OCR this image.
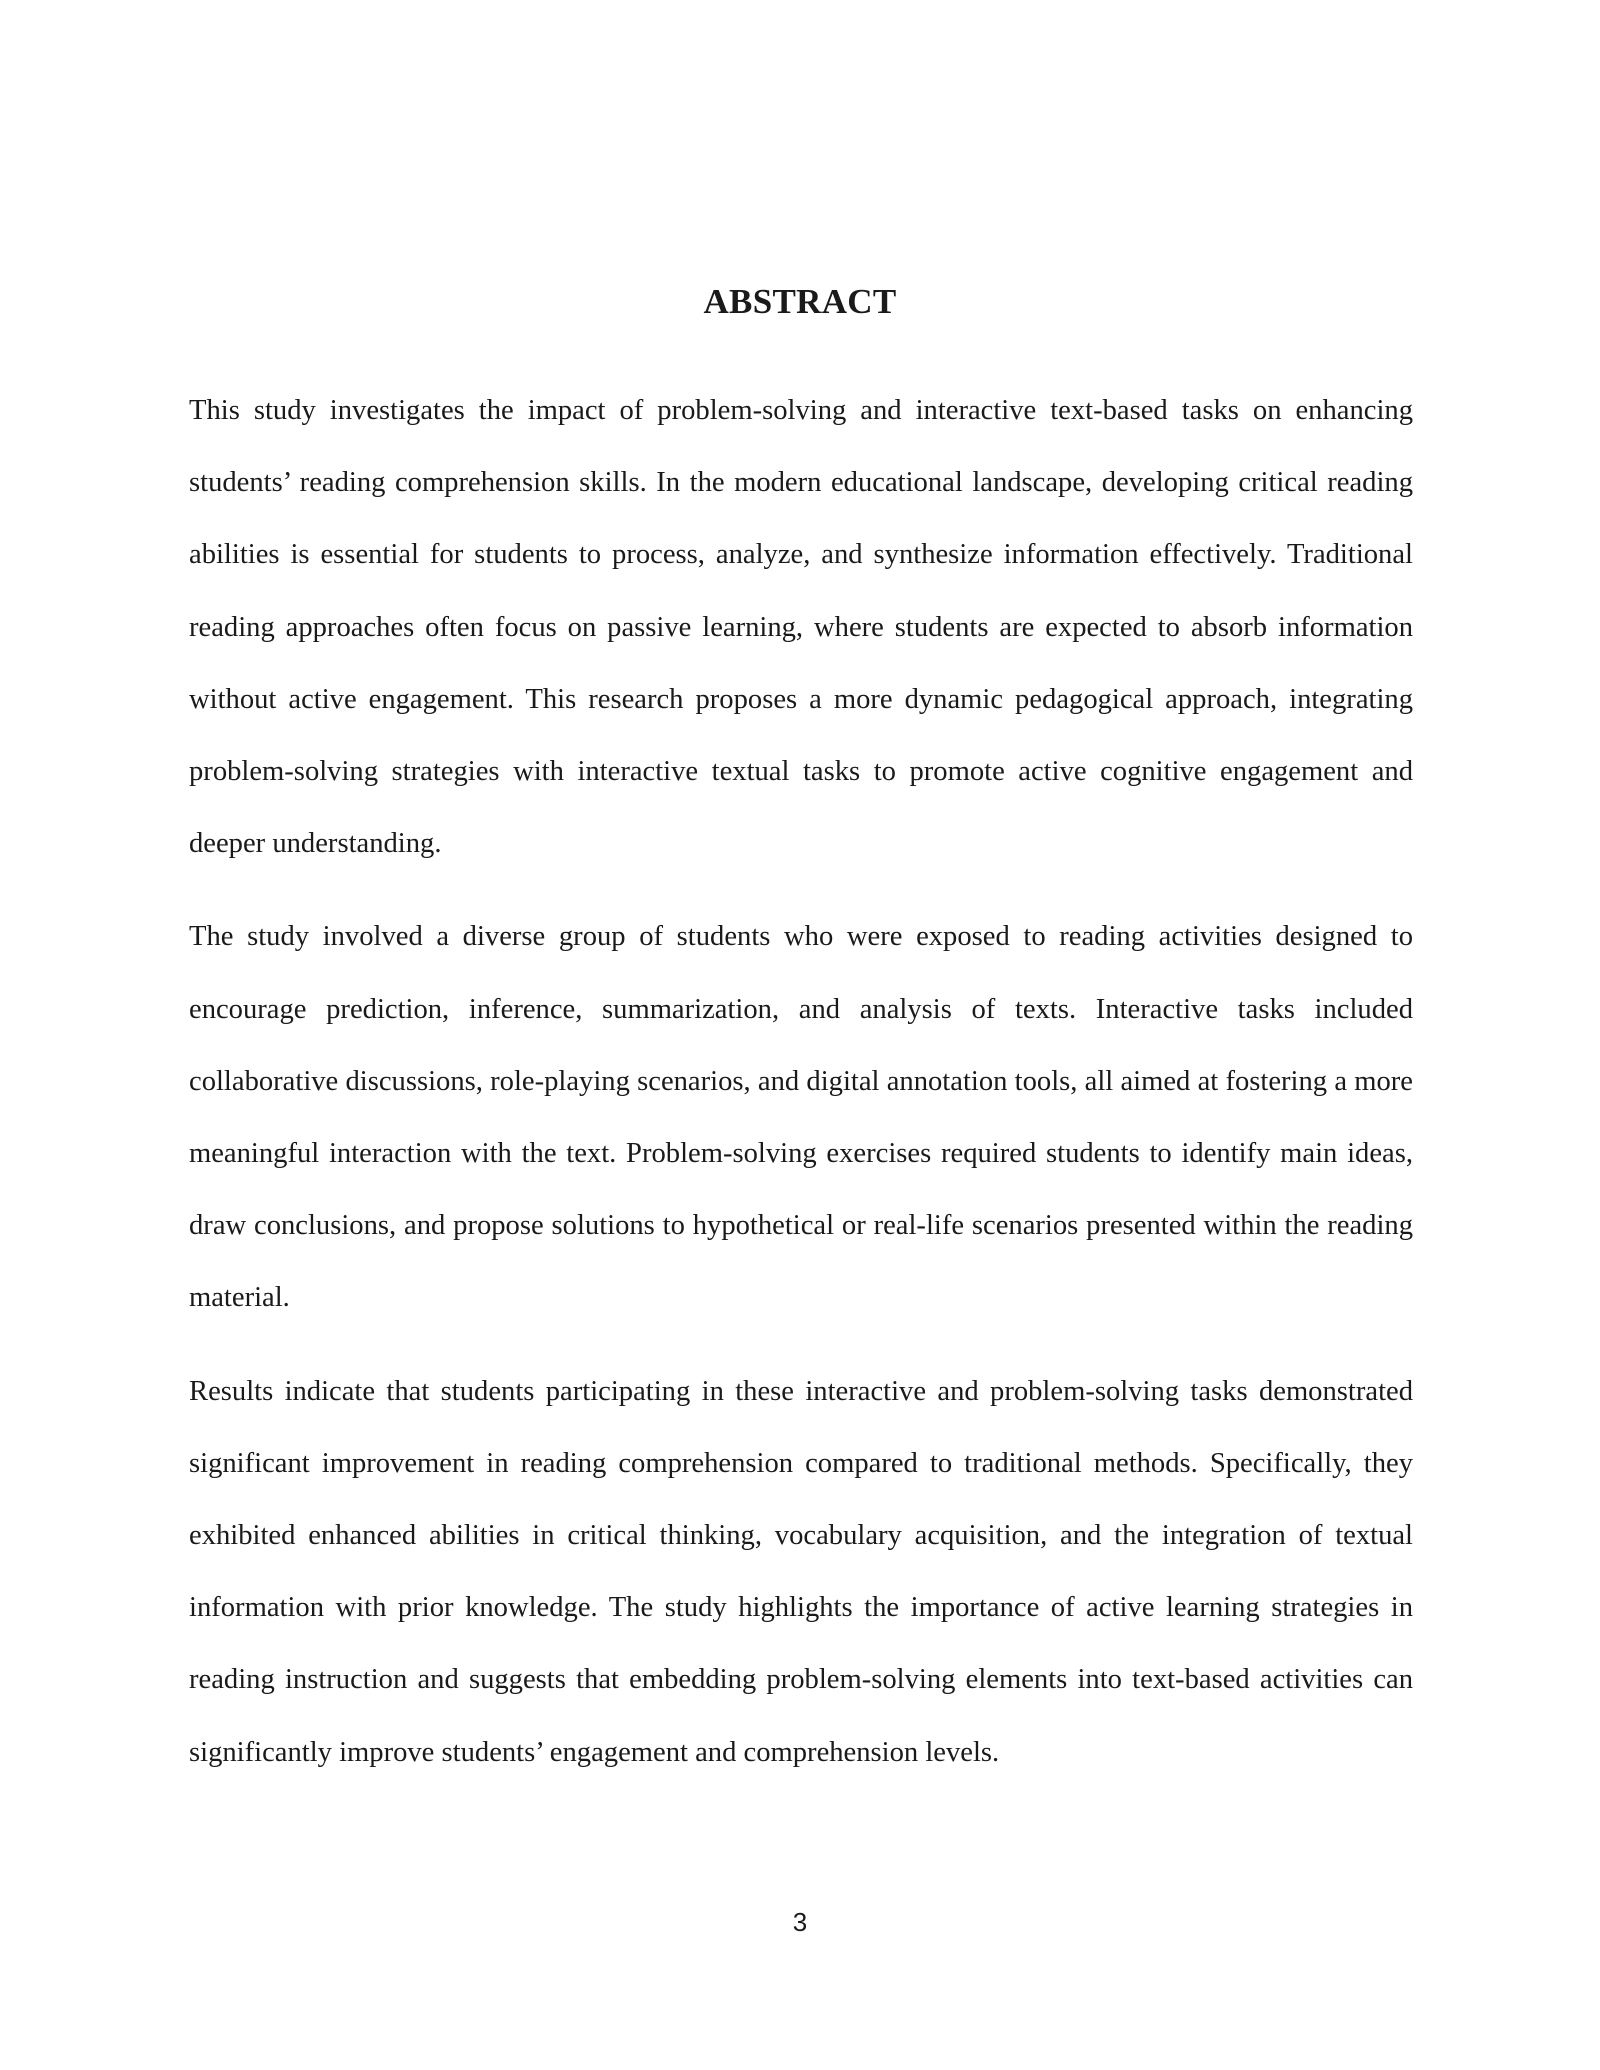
ABSTRACT

This study investigates the impact of problem-solving and interactive text-based tasks on enhancing students’ reading comprehension skills. In the modern educational landscape, developing critical reading abilities is essential for students to process, analyze, and synthesize information effectively. Traditional reading approaches often focus on passive learning, where students are expected to absorb information without active engagement. This research proposes a more dynamic pedagogical approach, integrating problem-solving strategies with interactive textual tasks to promote active cognitive engagement and deeper understanding.

The study involved a diverse group of students who were exposed to reading activities designed to encourage prediction, inference, summarization, and analysis of texts. Interactive tasks included collaborative discussions, role-playing scenarios, and digital annotation tools, all aimed at fostering a more meaningful interaction with the text. Problem-solving exercises required students to identify main ideas, draw conclusions, and propose solutions to hypothetical or real-life scenarios presented within the reading material.

Results indicate that students participating in these interactive and problem-solving tasks demonstrated significant improvement in reading comprehension compared to traditional methods. Specifically, they exhibited enhanced abilities in critical thinking, vocabulary acquisition, and the integration of textual information with prior knowledge. The study highlights the importance of active learning strategies in reading instruction and suggests that embedding problem-solving elements into text-based activities can significantly improve students’ engagement and comprehension levels.

3
